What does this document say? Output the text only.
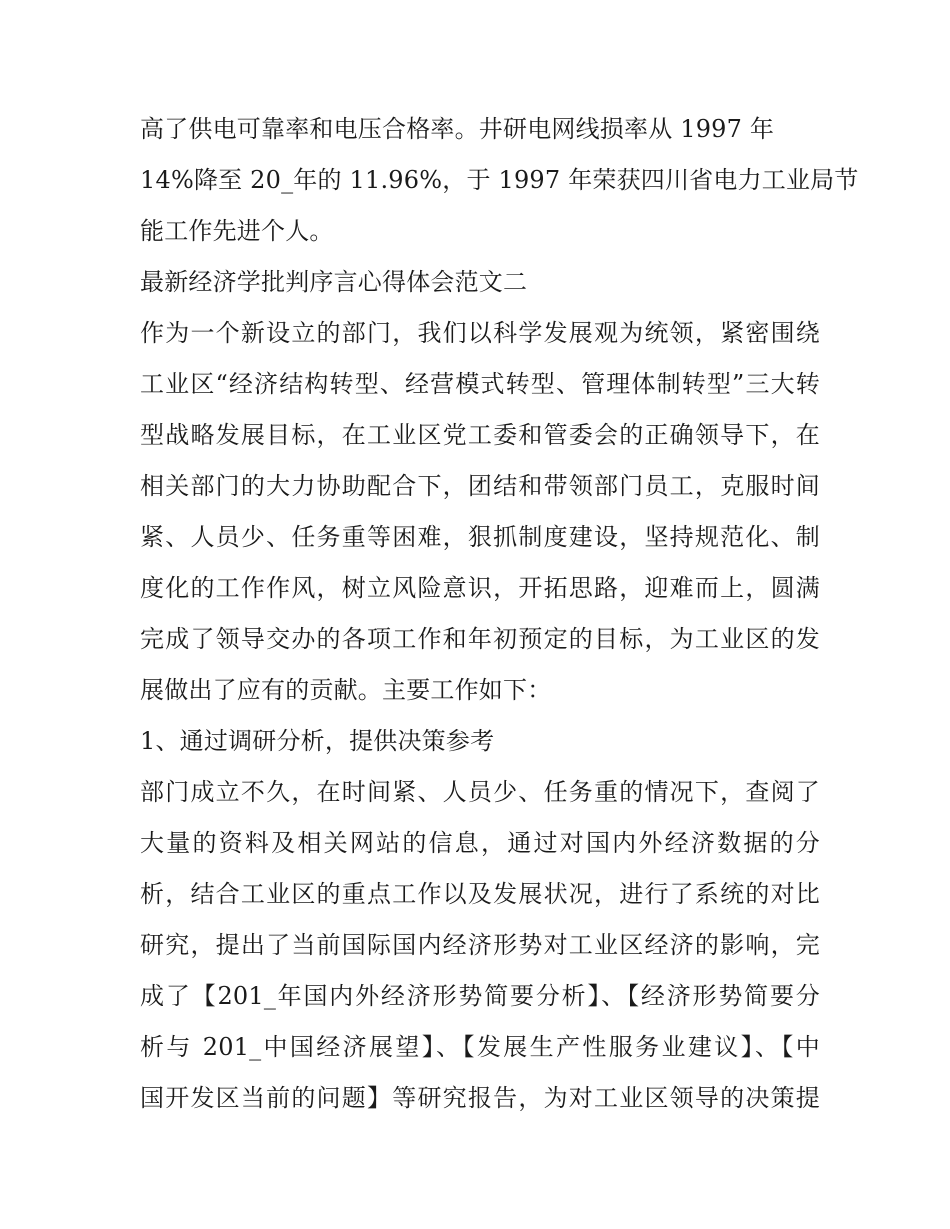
高了供电可靠率和电压合格率。井研电网线损率从 1997 年
14%降至 20_年的 11.96%，于 1997 年荣获四川省电力工业局节
能工作先进个人。
最新经济学批判序言心得体会范文二
作为一个新设立的部门，我们以科学发展观为统领，紧密围绕
工业区“经济结构转型、经营模式转型、管理体制转型”三大转
型战略发展目标，在工业区党工委和管委会的正确领导下，在
相关部门的大力协助配合下，团结和带领部门员工，克服时间
紧、人员少、任务重等困难，狠抓制度建设，坚持规范化、制
度化的工作作风，树立风险意识，开拓思路，迎难而上，圆满
完成了领导交办的各项工作和年初预定的目标，为工业区的发
展做出了应有的贡献。主要工作如下：
1、通过调研分析，提供决策参考
部门成立不久，在时间紧、人员少、任务重的情况下，查阅了
大量的资料及相关网站的信息，通过对国内外经济数据的分
析，结合工业区的重点工作以及发展状况，进行了系统的对比
研究，提出了当前国际国内经济形势对工业区经济的影响，完
成了【201_年国内外经济形势简要分析】、【经济形势简要分
析与 201_中国经济展望】、【发展生产性服务业建议】、【中
国开发区当前的问题】等研究报告，为对工业区领导的决策提
